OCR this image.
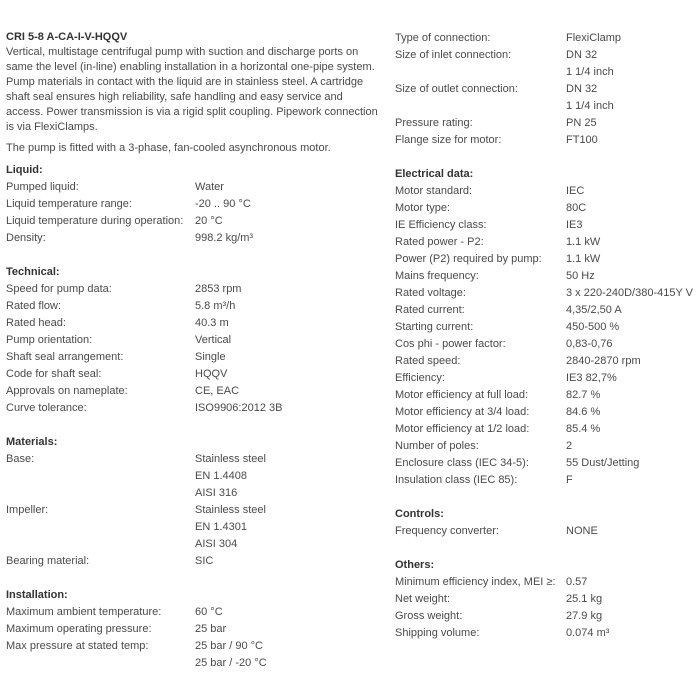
CRI 5-8 A-CA-I-V-HQQV

Vertical, multistage centrifugal pump with suction and discharge ports on same the level (in-line) enabling installation in a horizontal one-pipe system. Pump materials in contact with the liquid are in stainless steel. A cartridge shaft seal ensures high reliability, safe handling and easy service and access. Power transmission is via a rigid split coupling. Pipework connection is via FlexiClamps.

The pump is fitted with a 3-phase, fan-cooled asynchronous motor.

Liquid:
Pumped liquid:	Water
Liquid temperature range:	-20 .. 90 °C
Liquid temperature during operation: 20 °C
Density:	998.2 kg/m³
Technical:
Speed for pump data:	2853 rpm
Rated flow:	5.8 m³/h
Rated head:	40.3 m
Pump orientation:	Vertical
Shaft seal arrangement:	Single
Code for shaft seal:	HQQV
Approvals on nameplate:	CE, EAC
Curve tolerance:	ISO9906:2012 3B
Materials:
Base:	Stainless steel
EN 1.4408
AISI 316
Impeller:	Stainless steel
EN 1.4301
AISI 304
Bearing material:	SIC
Installation:
Maximum ambient temperature:	60 °C
Maximum operating pressure:	25 bar
Max pressure at stated temp:	25 bar / 90 °C
25 bar / -20 °C
Type of connection:	FlexiClamp
Size of inlet connection:	DN 32
1 1/4 inch
Size of outlet connection:	DN 32
1 1/4 inch
Pressure rating:	PN 25
Flange size for motor:	FT100
Electrical data:
Motor standard:	IEC
Motor type:	80C
IE Efficiency class:	IE3
Rated power - P2:	1.1 kW
Power (P2) required by pump: 1.1 kW
Mains frequency:	50 Hz
Rated voltage:	3 x 220-240D/380-415Y V
Rated current:	4,35/2,50 A
Starting current:	450-500 %
Cos phi - power factor:	0,83-0,76
Rated speed:	2840-2870 rpm
Efficiency:	IE3 82,7%
Motor efficiency at full load:	82.7 %
Motor efficiency at 3/4 load:	84.6 %
Motor efficiency at 1/2 load:	85.4 %
Number of poles:	2
Enclosure class (IEC 34-5):	55 Dust/Jetting
Insulation class (IEC 85):	F
Controls:
Frequency converter:	NONE
Others:
Minimum efficiency index, MEI ≥: 0.57
Net weight:	25.1 kg
Gross weight:	27.9 kg
Shipping volume:	0.074 m³
